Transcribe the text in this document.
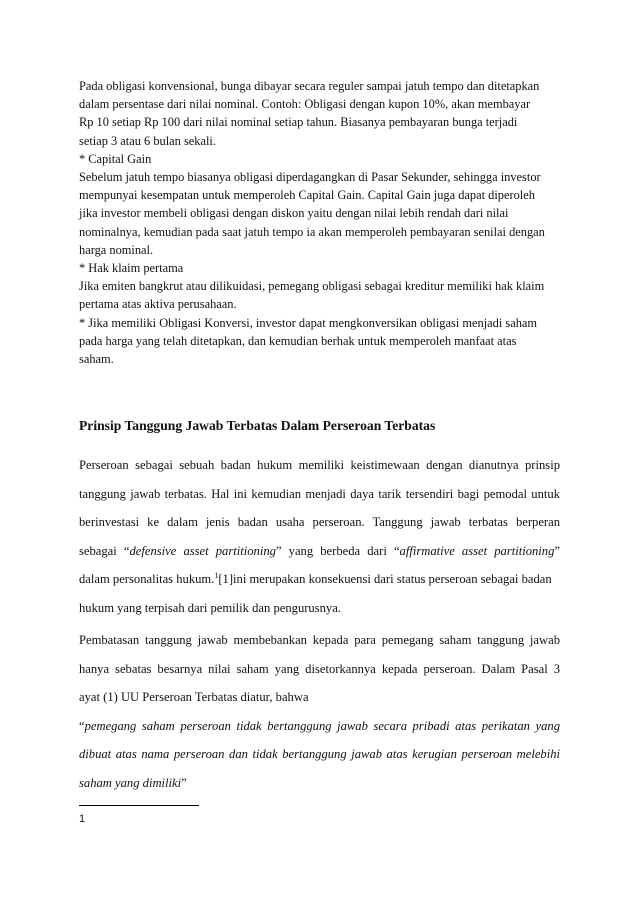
Pada obligasi konvensional, bunga dibayar secara reguler sampai jatuh tempo dan ditetapkan

dalam persentase dari nilai nominal. Contoh: Obligasi dengan kupon 10%, akan membayar

Rp 10 setiap Rp 100 dari nilai nominal setiap tahun. Biasanya pembayaran bunga terjadi

setiap 3 atau 6 bulan sekali.

* Capital Gain

Sebelum jatuh tempo biasanya obligasi diperdagangkan di Pasar Sekunder, sehingga investor

mempunyai kesempatan untuk memperoleh Capital Gain. Capital Gain juga dapat diperoleh

jika investor membeli obligasi dengan diskon yaitu dengan nilai lebih rendah dari nilai

nominalnya, kemudian pada saat jatuh tempo ia akan memperoleh pembayaran senilai dengan

harga nominal.

* Hak klaim pertama

Jika emiten bangkrut atau dilikuidasi, pemegang obligasi sebagai kreditur memiliki hak klaim

pertama atas aktiva perusahaan.

* Jika memiliki Obligasi Konversi, investor dapat mengkonversikan obligasi menjadi saham

pada harga yang telah ditetapkan, dan kemudian berhak untuk memperoleh manfaat atas

saham.

Prinsip Tanggung Jawab Terbatas Dalam Perseroan Terbatas
Perseroan sebagai sebuah badan hukum memiliki keistimewaan dengan dianutnya prinsip
tanggung jawab terbatas. Hal ini kemudian menjadi daya tarik tersendiri bagi pemodal untuk
berinvestasi ke dalam jenis badan usaha perseroan. Tanggung jawab terbatas berperan
sebagai “defensive asset partitioning” yang berbeda dari “affirmative asset partitioning”
dalam personalitas hukum.$^1$[1]ini merupakan konsekuensi dari status perseroan sebagai badan
hukum yang terpisah dari pemilik dan pengurusnya.
Pembatasan tanggung jawab membebankan kepada para pemegang saham tanggung jawab
hanya sebatas besarnya nilai saham yang disetorkannya kepada perseroan. Dalam Pasal 3
ayat (1) UU Perseroan Terbatas diatur, bahwa
“pemegang saham perseroan tidak bertanggung jawab secara pribadi atas perikatan yang
dibuat atas nama perseroan dan tidak bertanggung jawab atas kerugian perseroan melebihi
saham yang dimiliki”
1
